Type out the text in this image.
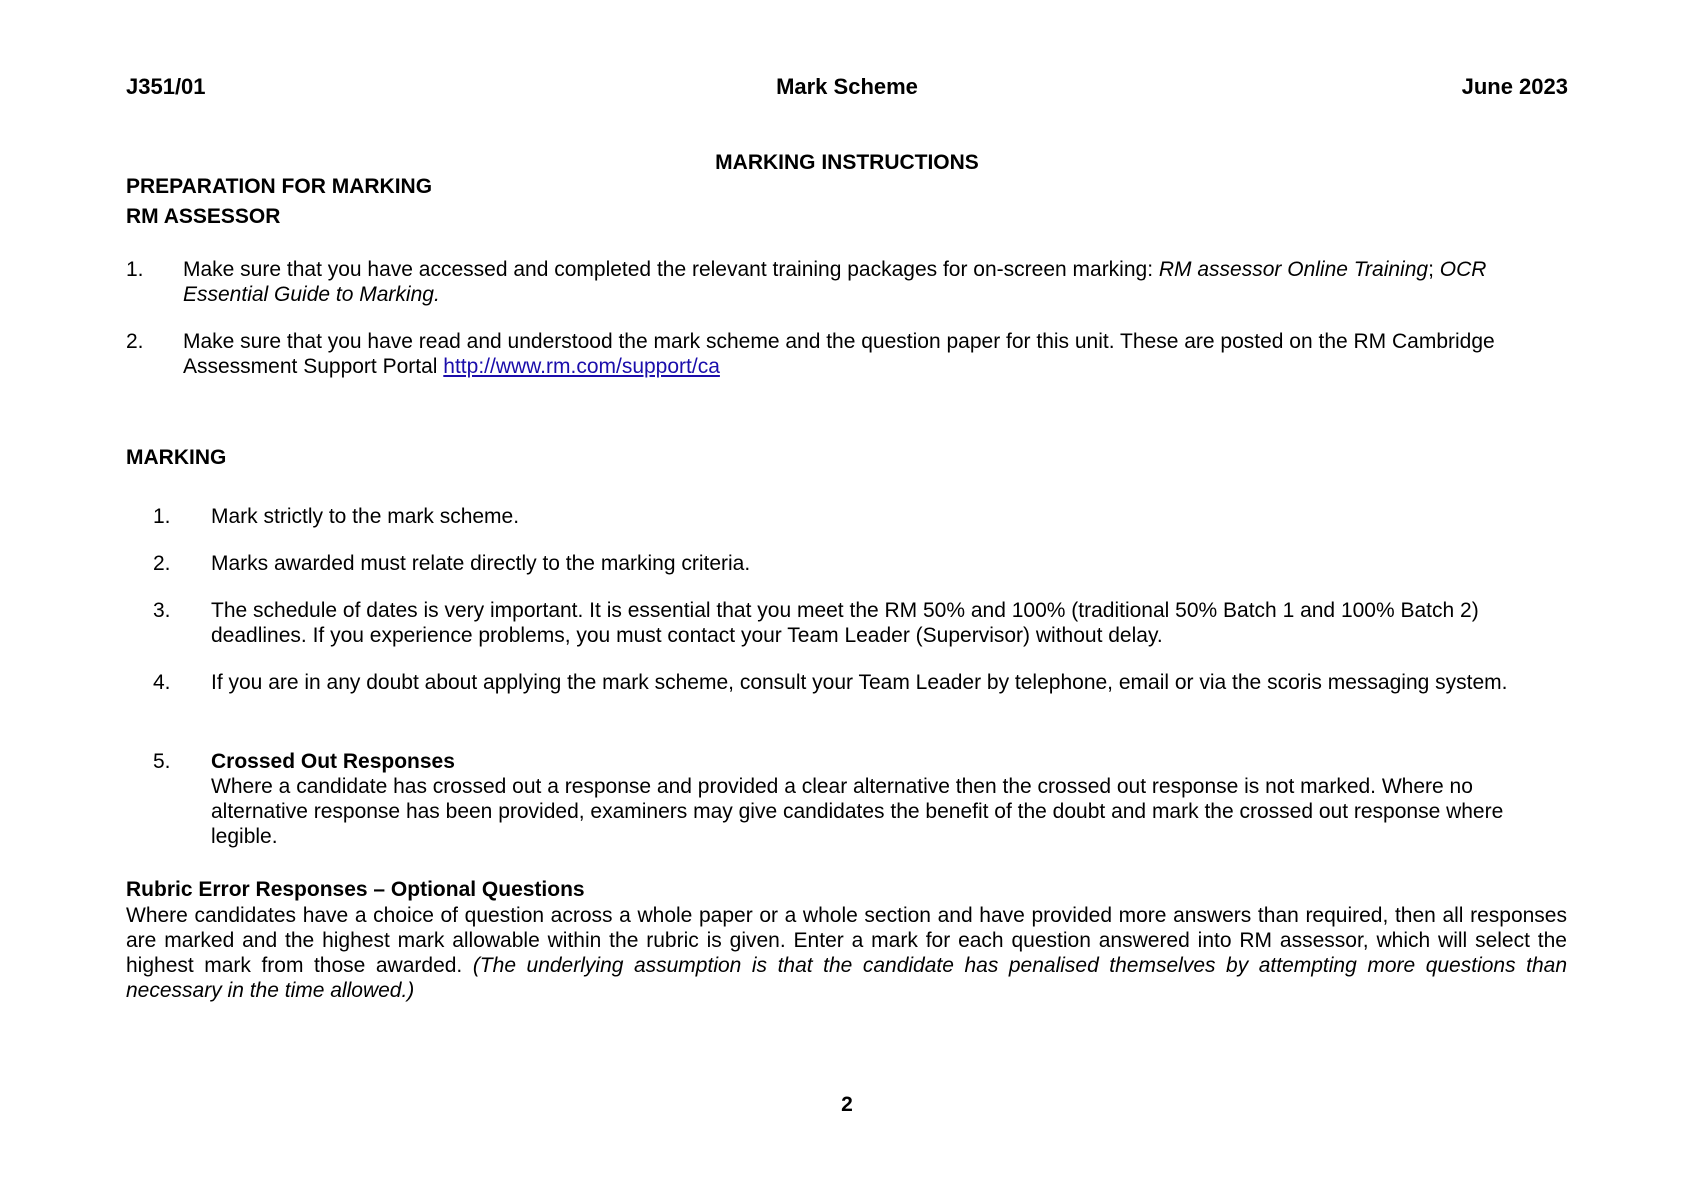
J351/01	Mark Scheme	June 2023
MARKING INSTRUCTIONS
PREPARATION FOR MARKING
RM ASSESSOR
1. Make sure that you have accessed and completed the relevant training packages for on-screen marking: RM assessor Online Training; OCR Essential Guide to Marking.
2. Make sure that you have read and understood the mark scheme and the question paper for this unit. These are posted on the RM Cambridge Assessment Support Portal http://www.rm.com/support/ca
MARKING
1. Mark strictly to the mark scheme.
2. Marks awarded must relate directly to the marking criteria.
3. The schedule of dates is very important. It is essential that you meet the RM 50% and 100% (traditional 50% Batch 1 and 100% Batch 2) deadlines. If you experience problems, you must contact your Team Leader (Supervisor) without delay.
4. If you are in any doubt about applying the mark scheme, consult your Team Leader by telephone, email or via the scoris messaging system.
5. Crossed Out Responses
Where a candidate has crossed out a response and provided a clear alternative then the crossed out response is not marked. Where no alternative response has been provided, examiners may give candidates the benefit of the doubt and mark the crossed out response where legible.
Rubric Error Responses – Optional Questions
Where candidates have a choice of question across a whole paper or a whole section and have provided more answers than required, then all responses are marked and the highest mark allowable within the rubric is given. Enter a mark for each question answered into RM assessor, which will select the highest mark from those awarded. (The underlying assumption is that the candidate has penalised themselves by attempting more questions than necessary in the time allowed.)
2
